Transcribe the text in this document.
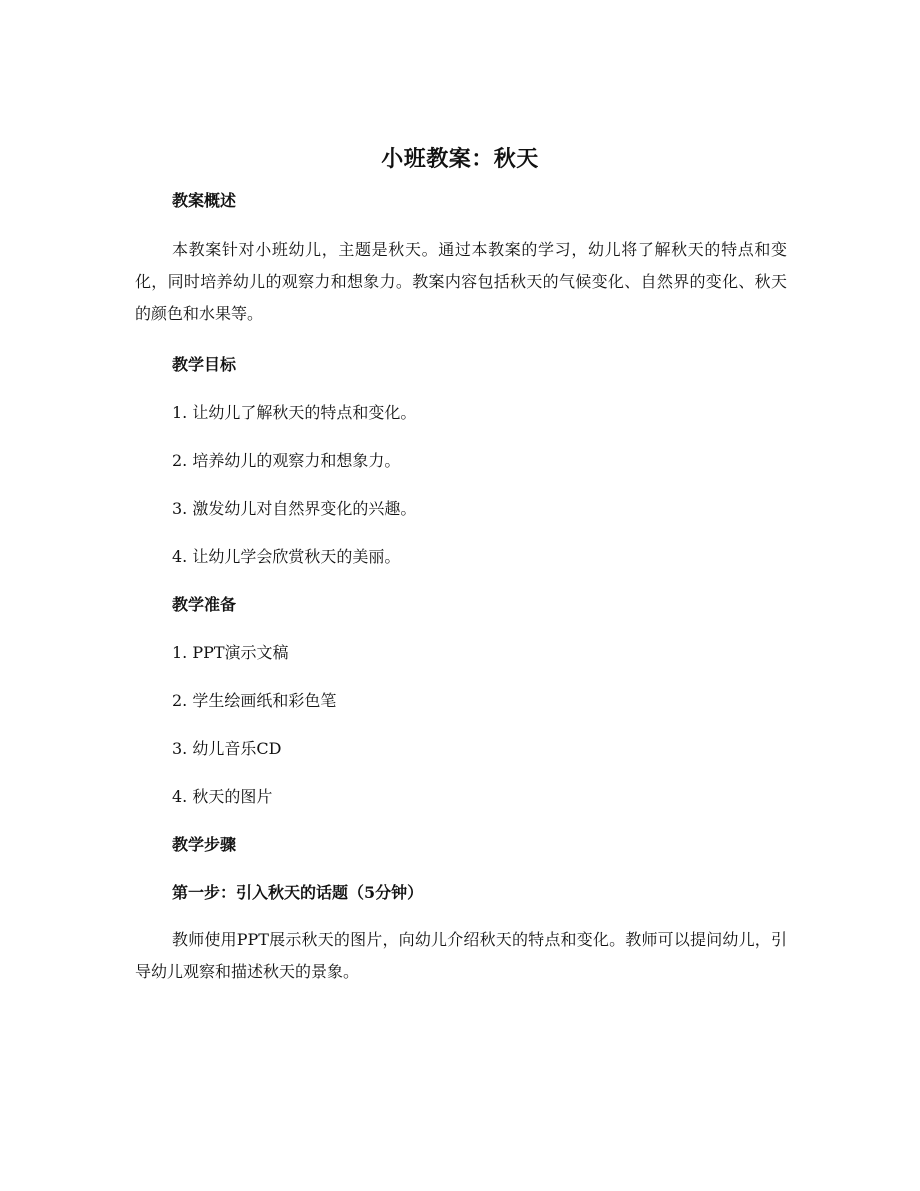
小班教案：秋天
教案概述

本教案针对小班幼儿，主题是秋天。通过本教案的学习，幼儿将了解秋天的特点和变化，同时培养幼儿的观察力和想象力。教案内容包括秋天的气候变化、自然界的变化、秋天的颜色和水果等。

教学目标
1. 让幼儿了解秋天的特点和变化。
2. 培养幼儿的观察力和想象力。
3. 激发幼儿对自然界变化的兴趣。
4. 让幼儿学会欣赏秋天的美丽。
教学准备
1. PPT演示文稿
2. 学生绘画纸和彩色笔
3. 幼儿音乐CD
4. 秋天的图片
教学步骤
第一步：引入秋天的话题（5分钟）

教师使用PPT展示秋天的图片，向幼儿介绍秋天的特点和变化。教师可以提问幼儿，引导幼儿观察和描述秋天的景象。
